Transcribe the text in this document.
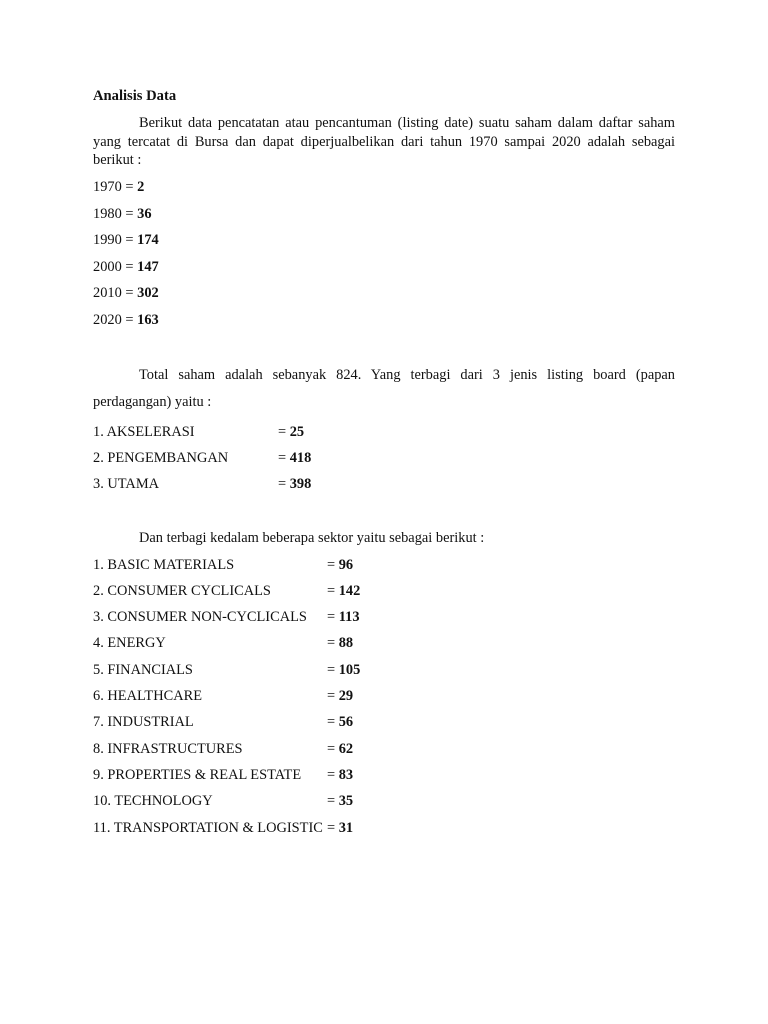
Analisis Data
Berikut data pencatatan atau pencantuman (listing date) suatu saham dalam daftar saham yang tercatat di Bursa dan dapat diperjualbelikan dari tahun 1970 sampai 2020 adalah sebagai berikut :
1970 = 2
1980 = 36
1990 = 174
2000 = 147
2010 = 302
2020 = 163
Total saham adalah sebanyak 824. Yang terbagi dari 3 jenis listing board (papan perdagangan) yaitu :
1. AKSELERASI	= 25
2. PENGEMBANGAN	= 418
3. UTAMA	= 398
Dan terbagi kedalam beberapa sektor yaitu sebagai berikut :
1. BASIC MATERIALS	= 96
2. CONSUMER CYCLICALS	= 142
3. CONSUMER NON-CYCLICALS = 113
4. ENERGY	= 88
5. FINANCIALS	= 105
6. HEALTHCARE	= 29
7. INDUSTRIAL	= 56
8. INFRASTRUCTURES	= 62
9. PROPERTIES & REAL ESTATE = 83
10. TECHNOLOGY	= 35
11. TRANSPORTATION & LOGISTIC = 31
